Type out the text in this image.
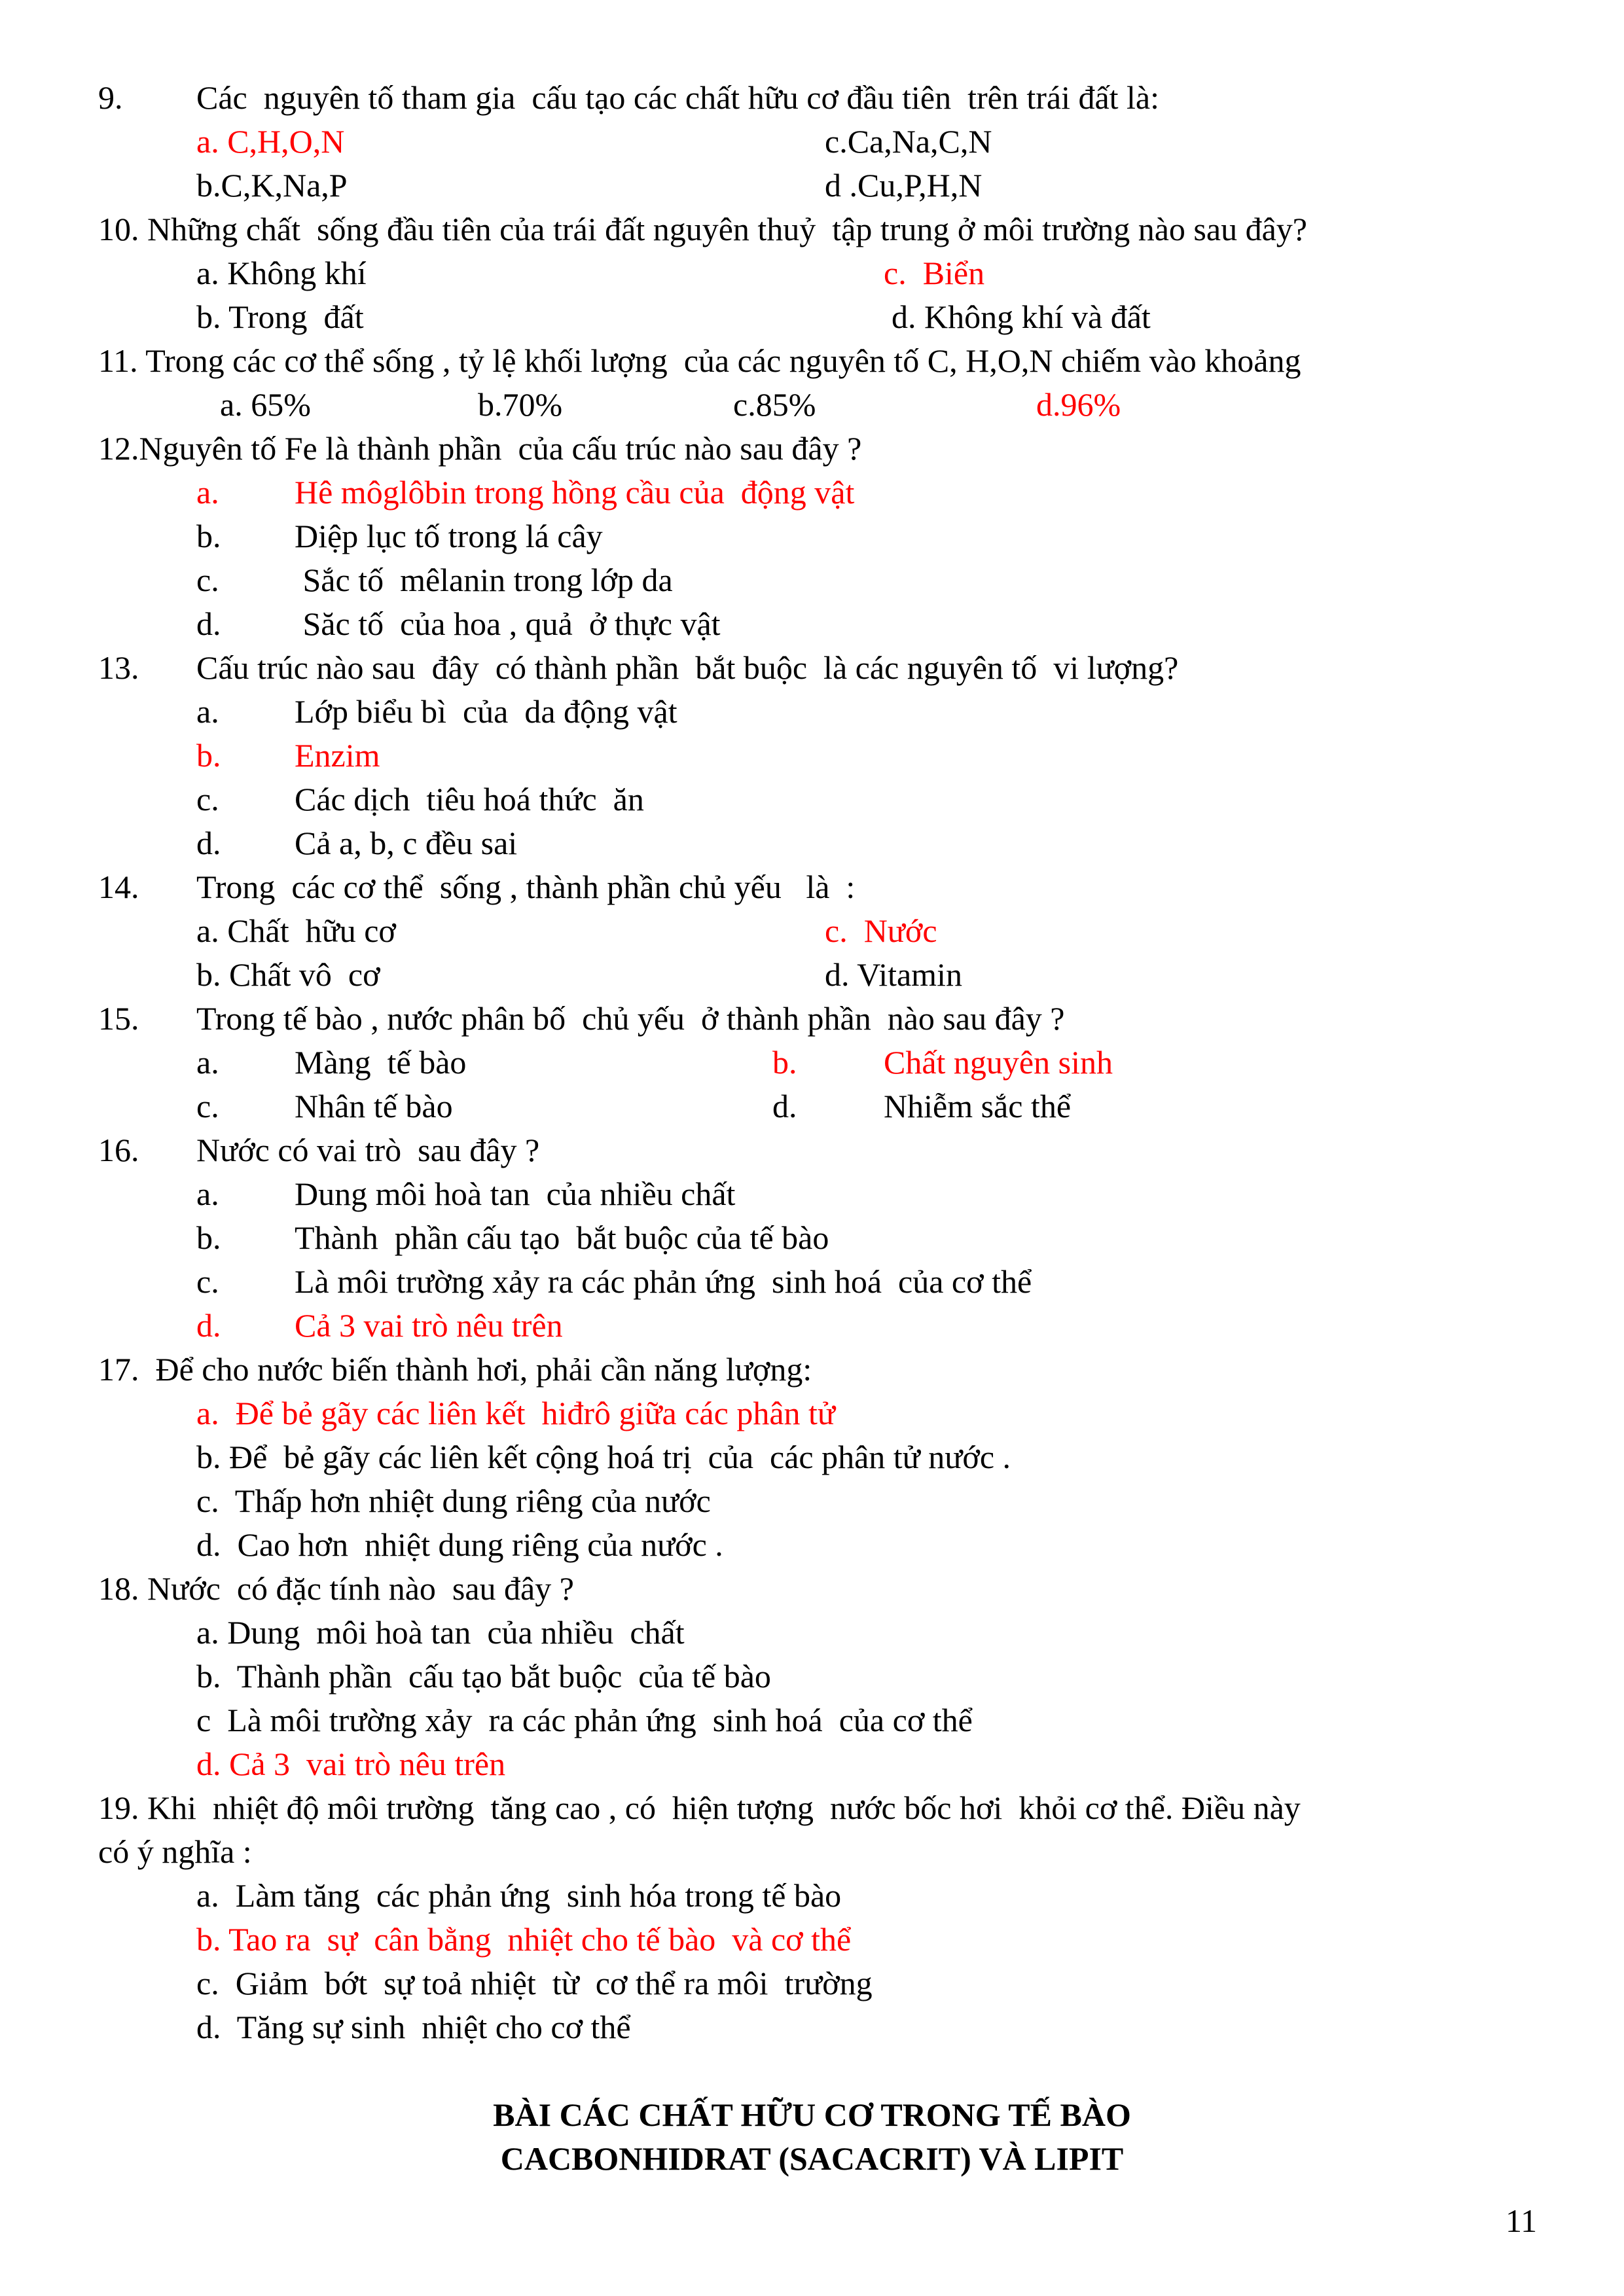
9. Các  nguyên tố tham gia  cấu tạo các chất hữu cơ đầu tiên  trên trái đất là:
a. C,H,O,N	c.Ca,Na,C,N
b.C,K,Na,P	d .Cu,P,H,N
10. Những chất  sống đầu tiên của trái đất nguyên thuỷ  tập trung ở môi trường nào sau đây?
a. Không khí	c.  Biển
b. Trong  đất	d. Không khí và đất
11. Trong các cơ thể sống , tỷ lệ khối lượng  của các nguyên tố C, H,O,N chiếm vào khoảng
a. 65%	b.70%	c.85%	d.96%
12.Nguyên tố Fe là thành phần  của cấu trúc nào sau đây ?
a. Hê môglôbin trong hồng cầu của  động vật
b. Diệp lục tố trong lá cây
c. Sắc tố  mêlanin trong lớp da
d. Săc tố  của hoa , quả  ở thực vật
13. Cấu trúc nào sau  đây  có thành phần  bắt buộc  là các nguyên tố  vi lượng?
a. Lớp biểu bì  của  da động vật
b. Enzim
c. Các dịch  tiêu hoá thức  ăn
d. Cả a, b, c đều sai
14. Trong  các cơ thể  sống , thành phần chủ yếu   là  :
a. Chất  hữu cơ	c.  Nước
b. Chất vô  cơ	d. Vitamin
15. Trong tế bào , nước phân bố  chủ yếu  ở thành phần  nào sau đây ?
a. Màng  tế bào	b.	Chất nguyên sinh
c. Nhân tế bào	d.	Nhiễm sắc thể
16. Nước có vai trò  sau đây ?
a. Dung môi hoà tan  của nhiều chất
b. Thành  phần cấu tạo  bắt buộc của tế bào
c. Là môi trường xảy ra các phản ứng  sinh hoá  của cơ thể
d. Cả 3 vai trò nêu trên
17.  Để cho nước biến thành hơi, phải cần năng lượng:
a.  Để bẻ gãy các liên kết  hiđrô giữa các phân tử
b. Để  bẻ gãy các liên kết cộng hoá trị  của  các phân tử nước .
c.  Thấp hơn nhiệt dung riêng của nước
d.  Cao hơn  nhiệt dung riêng của nước .
18. Nước  có đặc tính nào  sau đây ?
a. Dung  môi hoà tan  của nhiều  chất
b.  Thành phần  cấu tạo bắt buộc  của tế bào
c  Là môi trường xảy  ra các phản ứng  sinh hoá  của cơ thể
d. Cả 3  vai trò nêu trên
19. Khi  nhiệt độ môi trường  tăng cao , có  hiện tượng  nước bốc hơi  khỏi cơ thể. Điều này
có ý nghĩa :
a.  Làm tăng  các phản ứng  sinh hóa trong tế bào
b. Tao ra  sự  cân bằng  nhiệt cho tế bào  và cơ thể
c.  Giảm  bớt  sự toả nhiệt  từ  cơ thể ra môi  trường
d.  Tăng sự sinh  nhiệt cho cơ thể
BÀI CÁC CHẤT HỮU CƠ TRONG TẾ BÀO
CACBONHIDRAT (SACACRIT) VÀ LIPIT
11
